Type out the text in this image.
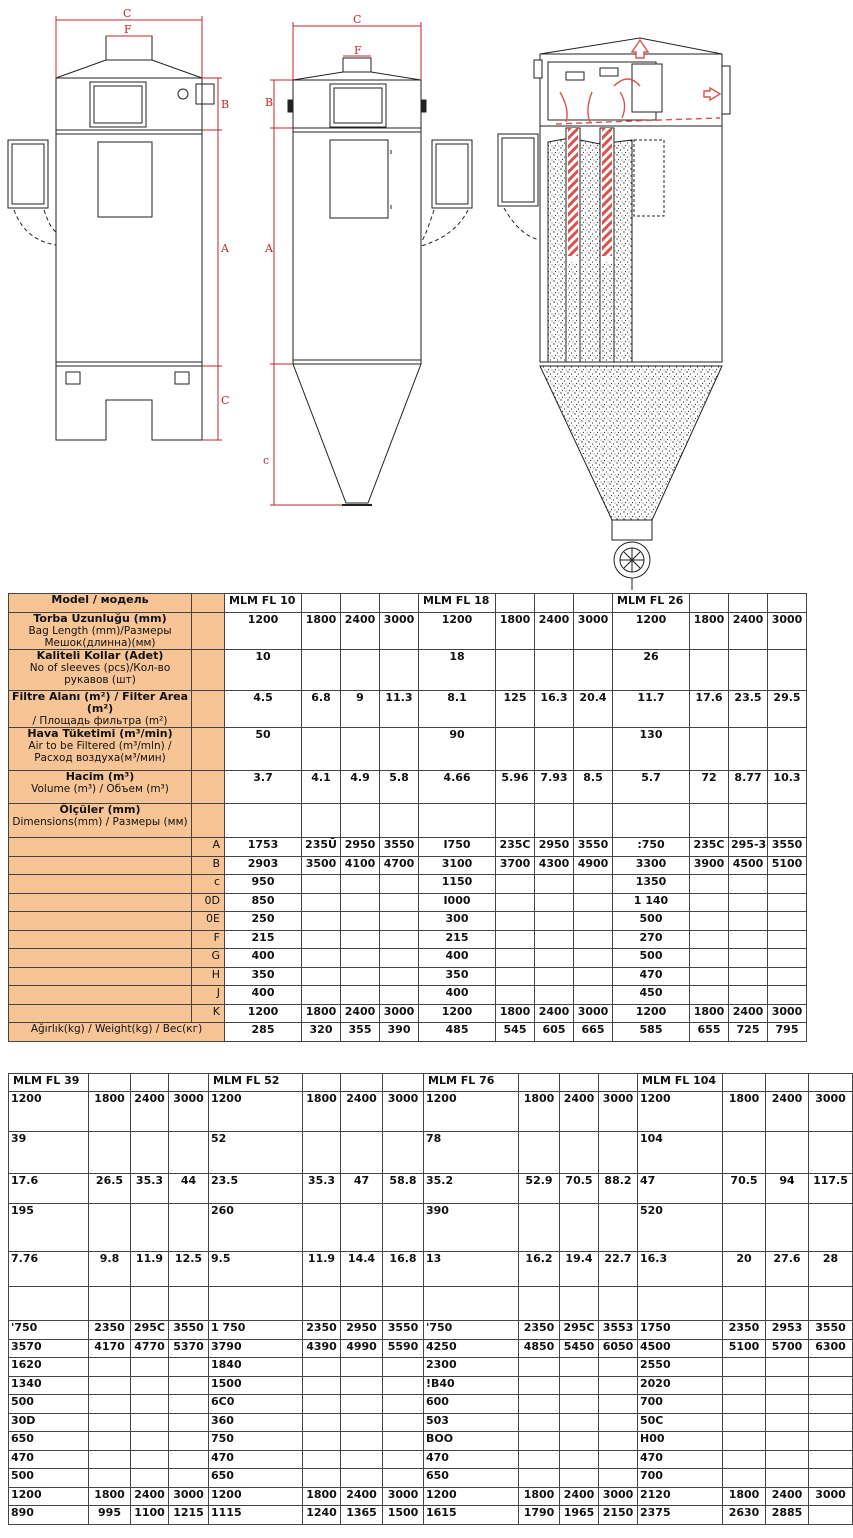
C
F
B
A
C
C
F
B
A
c
Model / модель		MLM FL 10				MLM FL 18				MLM FL 26			
Torba Uzunluğu (mm)
Bag Length (mm)/Размеры Мешок(длинна)(мм)		1200	1800	2400	3000	1200	1800	2400	3000	1200	1800	2400	3000
Kaliteli Kollar (Adet)
No of sleeves (pcs)/Кол-во рукавов (шт)		10				18				26			
Filtre Alanı (m²) / Filter Area (m²)
/ Площадь фильтра (m²)		4.5	6.8	9	11.3	8.1	125	16.3	20.4	11.7	17.6	23.5	29.5
Hava Tüketimi (m³/min)
Air to be Filtered (m³/mln) / Расход воздуха(м³/мин)		50				90				130			
Hacim (m³)
Volume (m³) / Объем (m³)		3.7	4.1	4.9	5.8	4.66	5.96	7.93	8.5	5.7	72	8.77	10.3
Ölçüler (mm)
Dimensions(mm) / Размеры (мм)													
	A	1753	235Ū	2950	3550	I750	235C	2950	3550	:750	235C	295-3	3550
	B	2903	3500	4100	4700	3100	3700	4300	4900	3300	3900	4500	5100
	c	950				1150				1350			
	0D	850				I000				1 140			
	0E	250				300				500			
	F	215				215				270			
	G	400				400				500			
	H	350				350				470			
	J	400				400				450			
	K	1200	1800	2400	3000	1200	1800	2400	3000	1200	1800	2400	3000
Ağırlık(kg) / Weight(kg) / Вес(кг)		285	320	355	390	485	545	605	665	585	655	725	795
MLM FL 39				MLM FL 52				MLM FL 76				MLM FL 104			
1200	1800	2400	3000	1200	1800	2400	3000	1200	1800	2400	3000	1200	1800	2400	3000
39				52				78				104			
17.6	26.5	35.3	44	23.5	35.3	47	58.8	35.2	52.9	70.5	88.2	47	70.5	94	117.5
195				260				390				520			
7.76	9.8	11.9	12.5	9.5	11.9	14.4	16.8	13	16.2	19.4	22.7	16.3	20	27.6	28

'750	2350	295C	3550	1 750	2350	2950	3550	'750	2350	295C	3553	1750	2350	2953	3550
3570	4170	4770	5370	3790	4390	4990	5590	4250	4850	5450	6050	4500	5100	5700	6300
1620				1840				2300				2550			
1340				1500				!B40				2020			
500				6C0				600				700			
30D				360				503				50C			
650				750				BOO				H00			
470				470				470				470			
500				650				650				700			
1200	1800	2400	3000	1200	1800	2400	3000	1200	1800	2400	3000	2120	1800	2400	3000
890	995	1100	1215	1115	1240	1365	1500	1615	1790	1965	2150	2375	2630	2885	
